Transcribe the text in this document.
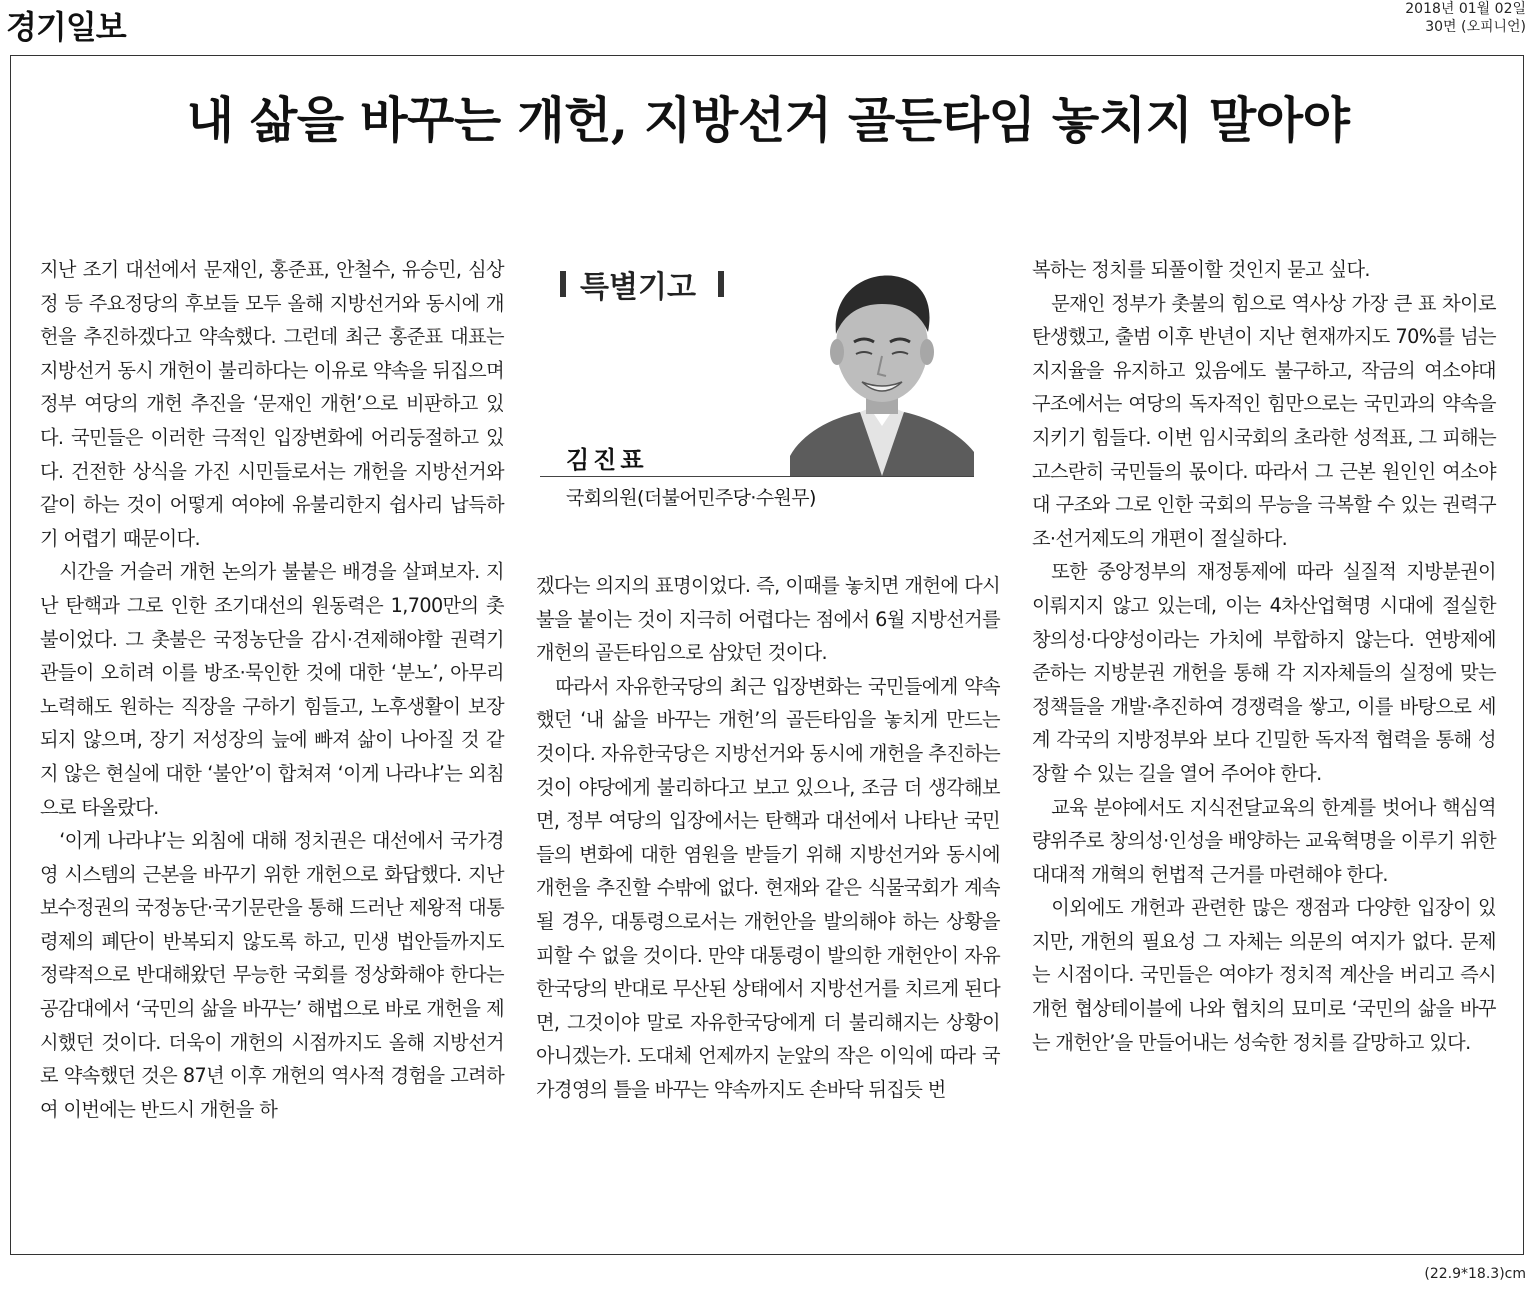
경기일보	2018년 01월 02일
30면 (오피니언)
내 삶을 바꾸는 개헌, 지방선거 골든타임 놓치지 말아야

지난 조기 대선에서 문재인, 홍준표, 안철수, 유승민, 심상정 등 주요정당의 후보들 모두 올해 지방선거와 동시에 개헌을 추진하겠다고 약속했다. 그런데 최근 홍준표 대표는 지방선거 동시 개헌이 불리하다는 이유로 약속을 뒤집으며 정부 여당의 개헌 추진을 ‘문재인 개헌’으로 비판하고 있다. 국민들은 이러한 극적인 입장변화에 어리둥절하고 있다. 건전한 상식을 가진 시민들로서는 개헌을 지방선거와 같이 하는 것이 어떻게 여야에 유불리한지 쉽사리 납득하기 어렵기 때문이다.

시간을 거슬러 개헌 논의가 불붙은 배경을 살펴보자. 지난 탄핵과 그로 인한 조기대선의 원동력은 1,700만의 촛불이었다. 그 촛불은 국정농단을 감시·견제해야할 권력기관들이 오히려 이를 방조·묵인한 것에 대한 ‘분노’, 아무리 노력해도 원하는 직장을 구하기 힘들고, 노후생활이 보장되지 않으며, 장기 저성장의 늪에 빠져 삶이 나아질 것 같지 않은 현실에 대한 ‘불안’이 합쳐져 ‘이게 나라냐’는 외침으로 타올랐다.

‘이게 나라냐’는 외침에 대해 정치권은 대선에서 국가경영 시스템의 근본을 바꾸기 위한 개헌으로 화답했다. 지난 보수정권의 국정농단·국기문란을 통해 드러난 제왕적 대통령제의 폐단이 반복되지 않도록 하고, 민생 법안들까지도 정략적으로 반대해왔던 무능한 국회를 정상화해야 한다는 공감대에서 ‘국민의 삶을 바꾸는’ 해법으로 바로 개헌을 제시했던 것이다. 더욱이 개헌의 시점까지도 올해 지방선거로 약속했던 것은 87년 이후 개헌의 역사적 경험을 고려하여 이번에는 반드시 개헌을 하

특별기고
김진표
국회의원(더불어민주당·수원무)

겠다는 의지의 표명이었다. 즉, 이때를 놓치면 개헌에 다시 불을 붙이는 것이 지극히 어렵다는 점에서 6월 지방선거를 개헌의 골든타임으로 삼았던 것이다.

따라서 자유한국당의 최근 입장변화는 국민들에게 약속했던 ‘내 삶을 바꾸는 개헌’의 골든타임을 놓치게 만드는 것이다. 자유한국당은 지방선거와 동시에 개헌을 추진하는 것이 야당에게 불리하다고 보고 있으나, 조금 더 생각해보면, 정부 여당의 입장에서는 탄핵과 대선에서 나타난 국민들의 변화에 대한 염원을 받들기 위해 지방선거와 동시에 개헌을 추진할 수밖에 없다. 현재와 같은 식물국회가 계속될 경우, 대통령으로서는 개헌안을 발의해야 하는 상황을 피할 수 없을 것이다. 만약 대통령이 발의한 개헌안이 자유한국당의 반대로 무산된 상태에서 지방선거를 치르게 된다면, 그것이야 말로 자유한국당에게 더 불리해지는 상황이 아니겠는가. 도대체 언제까지 눈앞의 작은 이익에 따라 국가경영의 틀을 바꾸는 약속까지도 손바닥 뒤집듯 번

복하는 정치를 되풀이할 것인지 묻고 싶다.

문재인 정부가 촛불의 힘으로 역사상 가장 큰 표 차이로 탄생했고, 출범 이후 반년이 지난 현재까지도 70%를 넘는 지지율을 유지하고 있음에도 불구하고, 작금의 여소야대 구조에서는 여당의 독자적인 힘만으로는 국민과의 약속을 지키기 힘들다. 이번 임시국회의 초라한 성적표, 그 피해는 고스란히 국민들의 몫이다. 따라서 그 근본 원인인 여소야대 구조와 그로 인한 국회의 무능을 극복할 수 있는 권력구조·선거제도의 개편이 절실하다.

또한 중앙정부의 재정통제에 따라 실질적 지방분권이 이뤄지지 않고 있는데, 이는 4차산업혁명 시대에 절실한 창의성·다양성이라는 가치에 부합하지 않는다. 연방제에 준하는 지방분권 개헌을 통해 각 지자체들의 실정에 맞는 정책들을 개발·추진하여 경쟁력을 쌓고, 이를 바탕으로 세계 각국의 지방정부와 보다 긴밀한 독자적 협력을 통해 성장할 수 있는 길을 열어 주어야 한다.

교육 분야에서도 지식전달교육의 한계를 벗어나 핵심역량위주로 창의성·인성을 배양하는 교육혁명을 이루기 위한 대대적 개혁의 헌법적 근거를 마련해야 한다.

이외에도 개헌과 관련한 많은 쟁점과 다양한 입장이 있지만, 개헌의 필요성 그 자체는 의문의 여지가 없다. 문제는 시점이다. 국민들은 여야가 정치적 계산을 버리고 즉시 개헌 협상테이블에 나와 협치의 묘미로 ‘국민의 삶을 바꾸는 개헌안’을 만들어내는 성숙한 정치를 갈망하고 있다.

(22.9*18.3)cm
